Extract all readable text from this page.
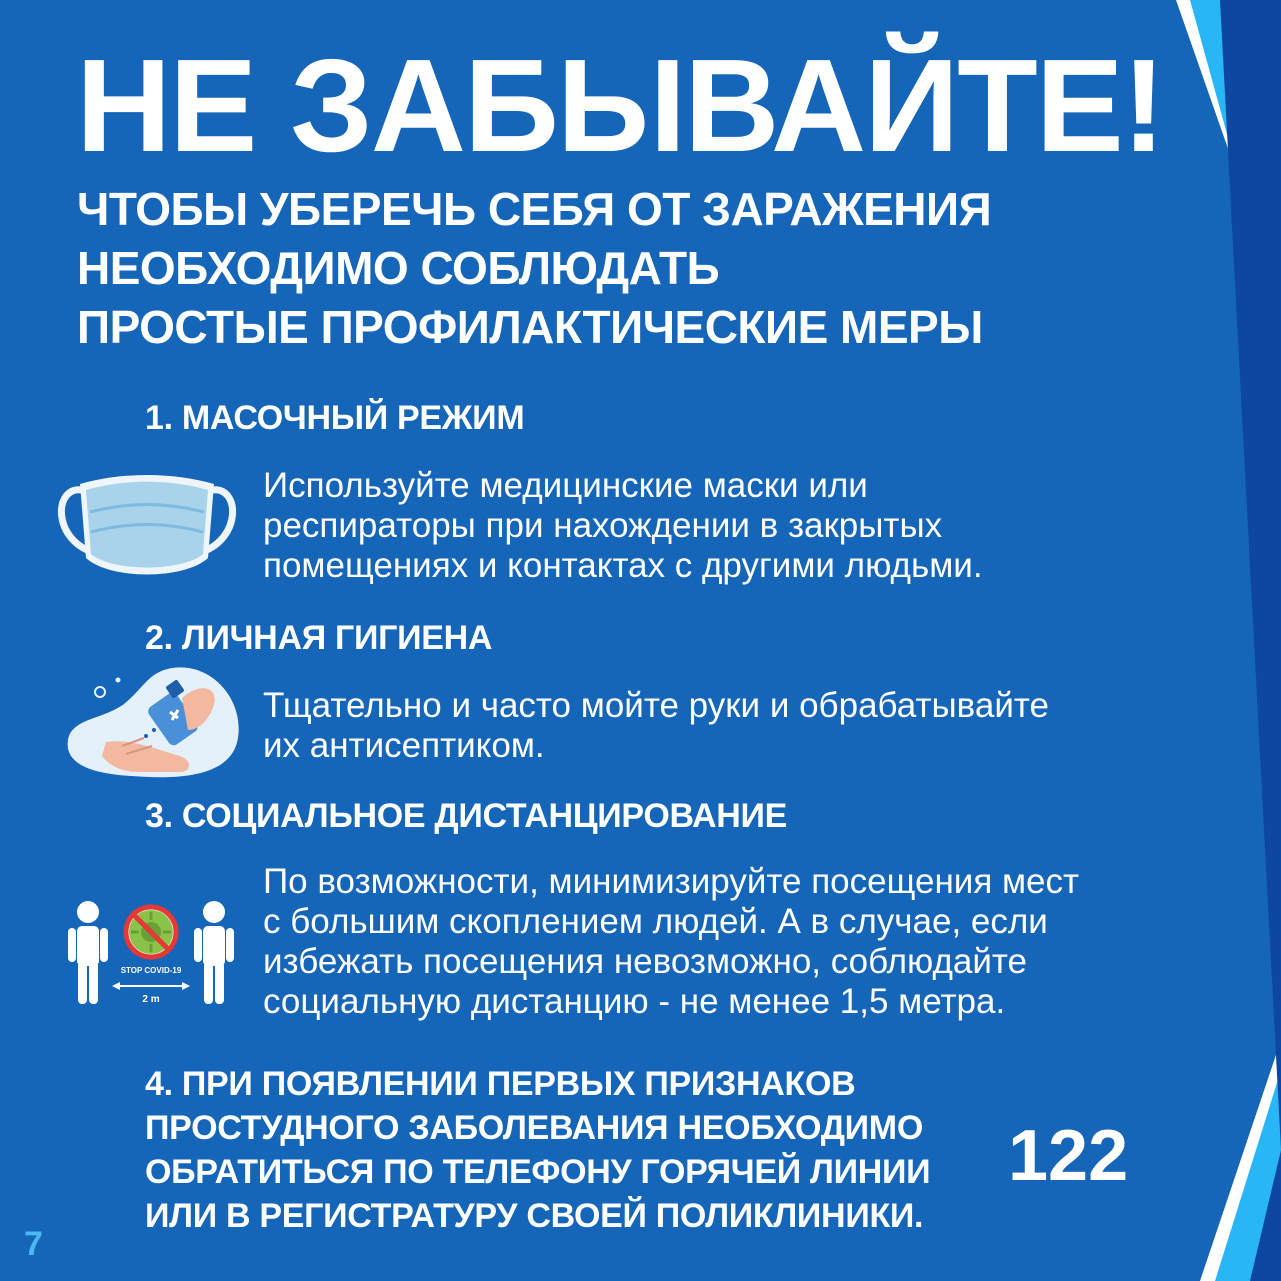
НЕ ЗАБЫВАЙТЕ!
ЧТОБЫ УБЕРЕЧЬ СЕБЯ ОТ ЗАРАЖЕНИЯ
НЕОБХОДИМО СОБЛЮДАТЬ
ПРОСТЫЕ ПРОФИЛАКТИЧЕСКИЕ МЕРЫ
1. МАСОЧНЫЙ РЕЖИМ
Используйте медицинские маски или
респираторы при нахождении в закрытых
помещениях и контактах с другими людьми.
2. ЛИЧНАЯ ГИГИЕНА
Тщательно и часто мойте руки и обрабатывайте
их антисептиком.
3. СОЦИАЛЬНОЕ ДИСТАНЦИРОВАНИЕ
STOP COVID-19
2 m
По возможности, минимизируйте посещения мест
с большим скоплением людей. А в случае, если
избежать посещения невозможно, соблюдайте
социальную дистанцию - не менее 1,5 метра.
4. ПРИ ПОЯВЛЕНИИ ПЕРВЫХ ПРИЗНАКОВ
ПРОСТУДНОГО ЗАБОЛЕВАНИЯ НЕОБХОДИМО
ОБРАТИТЬСЯ ПО ТЕЛЕФОНУ ГОРЯЧЕЙ ЛИНИИ
ИЛИ В РЕГИСТРАТУРУ СВОЕЙ ПОЛИКЛИНИКИ.
122
7
